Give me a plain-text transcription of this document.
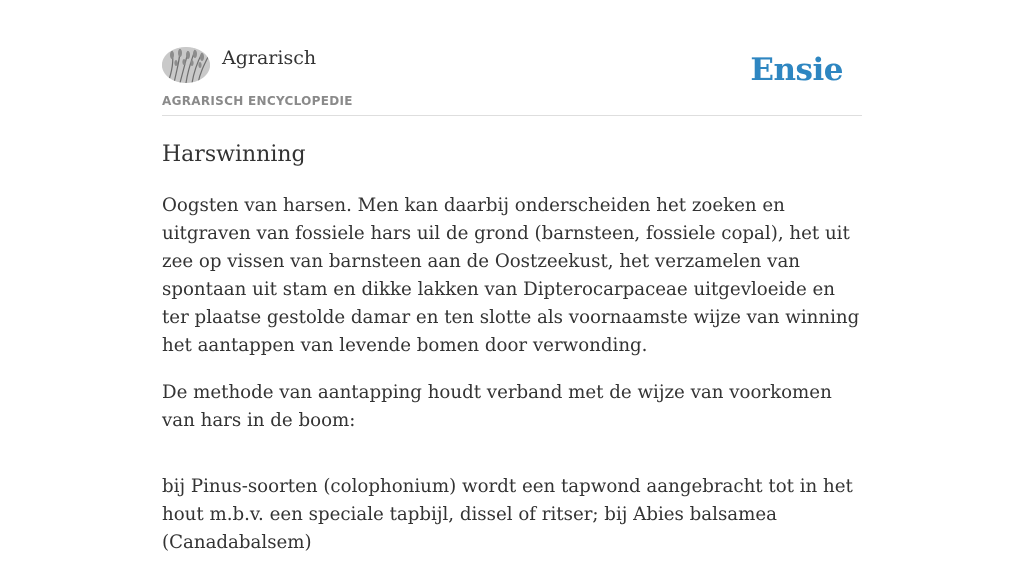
Agrarisch
AGRARISCH ENCYCLOPEDIE
Ensie
Harswinning

Oogsten van harsen. Men kan daarbij onderscheiden het zoeken en uitgraven van fossiele hars uil de grond (barnsteen, fossiele copal), het uit zee op vissen van barnsteen aan de Oostzeekust, het verzamelen van spontaan uit stam en dikke lakken van Dipterocarpaceae uitgevloeide en ter plaatse gestolde damar en ten slotte als voornaamste wijze van winning het aantappen van levende bomen door verwonding.

De methode van aantapping houdt verband met de wijze van voorkomen van hars in de boom:

bij Pinus-soorten (colophonium) wordt een tapwond aangebracht tot in het hout m.b.v. een speciale tapbijl, dissel of ritser; bij Abies balsamea (Canadabalsem)
